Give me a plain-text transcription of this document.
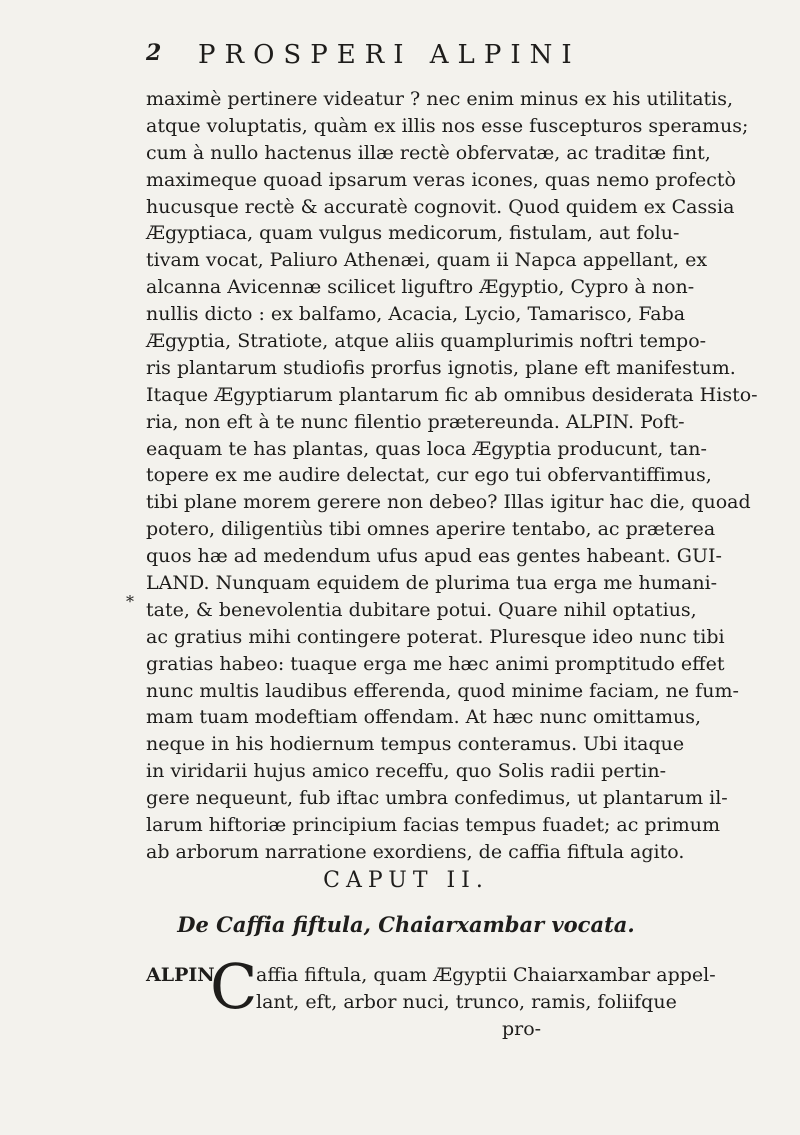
2 PROSPERI ALPINI
maximè pertinere videatur ? nec enim minus ex his utilitatis,
atque voluptatis, quàm ex illis nos esse fuscepturos speramus;
cum à nullo hactenus illæ rectè obfervatæ, ac traditæ fint,
maximeque quoad ipsarum veras icones, quas nemo profectò
hucusque rectè & accuratè cognovit. Quod quidem ex Cassia
Ægyptiaca, quam vulgus medicorum, fistulam, aut folu-
tivam vocat, Paliuro Athenæi, quam ii Napca appellant, ex
alcanna Avicennæ scilicet liguftro Ægyptio, Cypro à non-
nullis dicto : ex balfamo, Acacia, Lycio, Tamarisco, Faba
Ægyptia, Stratiote, atque aliis quamplurimis noftri tempo-
ris plantarum studiofis prorfus ignotis, plane eft manifestum.
Itaque Ægyptiarum plantarum fic ab omnibus desiderata Histo-
ria, non eft à te nunc filentio prætereunda. ALPIN. Poft-
eaquam te has plantas, quas loca Ægyptia producunt, tan-
topere ex me audire delectat, cur ego tui obfervantiffimus,
tibi plane morem gerere non debeo? Illas igitur hac die, quoad
potero, diligentiùs tibi omnes aperire tentabo, ac præterea
quos hæ ad medendum ufus apud eas gentes habeant. GUI-
LAND. Nunquam equidem de plurima tua erga me humani-
tate, & benevolentia dubitare potui. Quare nihil optatius,
ac gratius mihi contingere poterat. Pluresque ideo nunc tibi
gratias habeo: tuaque erga me hæc animi promptitudo effet
nunc multis laudibus efferenda, quod minime faciam, ne fum-
mam tuam modeftiam offendam. At hæc nunc omittamus,
neque in his hodiernum tempus conteramus. Ubi itaque
in viridarii hujus amico receffu, quo Solis radii pertin-
gere nequeunt, fub iftac umbra confedimus, ut plantarum il-
larum hiftoriæ principium facias tempus fuadet; ac primum
ab arborum narratione exordiens, de caffia fiftula agito.
*
CAPUT II.
De Caffia fiftula, Chaiarxambar vocata.
ALPIN.
C
affia fiftula, quam Ægyptii Chaiarxambar appel-
lant, eft, arbor nuci, trunco, ramis, foliifque
pro-
